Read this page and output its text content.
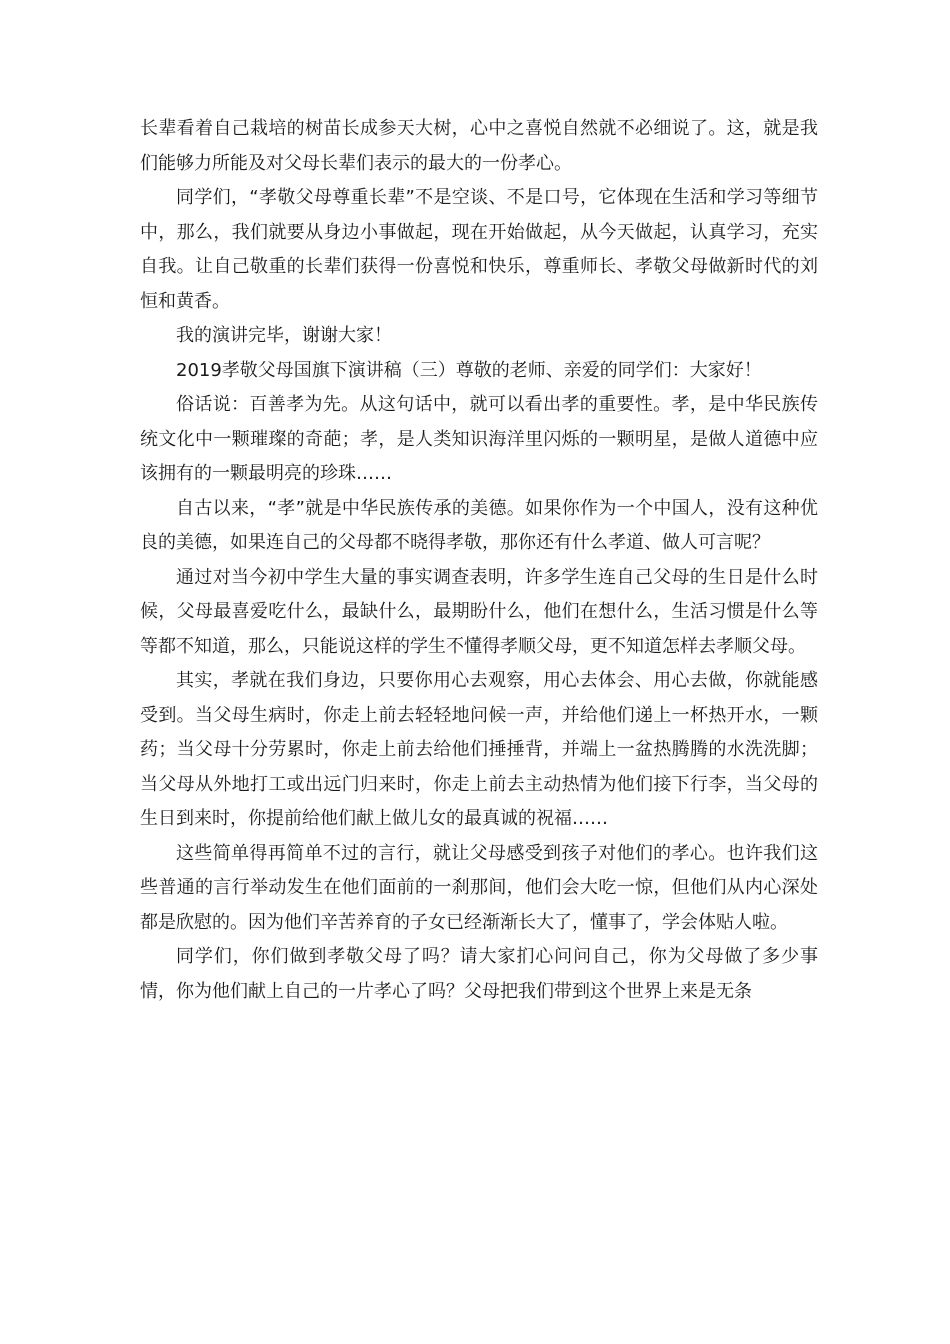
长辈看着自己栽培的树苗长成参天大树，心中之喜悦自然就不必细说了。这，就是我们能够力所能及对父母长辈们表示的最大的一份孝心。

同学们，“孝敬父母尊重长辈”不是空谈、不是口号，它体现在生活和学习等细节中，那么，我们就要从身边小事做起，现在开始做起，从今天做起，认真学习，充实自我。让自己敬重的长辈们获得一份喜悦和快乐，尊重师长、孝敬父母做新时代的刘恒和黄香。

我的演讲完毕，谢谢大家！

2019孝敬父母国旗下演讲稿（三）尊敬的老师、亲爱的同学们：大家好！

俗话说：百善孝为先。从这句话中，就可以看出孝的重要性。孝，是中华民族传统文化中一颗璀璨的奇葩；孝，是人类知识海洋里闪烁的一颗明星，是做人道德中应该拥有的一颗最明亮的珍珠……

自古以来，“孝”就是中华民族传承的美德。如果你作为一个中国人，没有这种优良的美德，如果连自己的父母都不晓得孝敬，那你还有什么孝道、做人可言呢？

通过对当今初中学生大量的事实调查表明，许多学生连自己父母的生日是什么时候，父母最喜爱吃什么，最缺什么，最期盼什么，他们在想什么，生活习惯是什么等等都不知道，那么，只能说这样的学生不懂得孝顺父母，更不知道怎样去孝顺父母。

其实，孝就在我们身边，只要你用心去观察，用心去体会、用心去做，你就能感受到。当父母生病时，你走上前去轻轻地问候一声，并给他们递上一杯热开水，一颗药；当父母十分劳累时，你走上前去给他们捶捶背，并端上一盆热腾腾的水洗洗脚；当父母从外地打工或出远门归来时，你走上前去主动热情为他们接下行李，当父母的生日到来时，你提前给他们献上做儿女的最真诚的祝福……

这些简单得再简单不过的言行，就让父母感受到孩子对他们的孝心。也许我们这些普通的言行举动发生在他们面前的一刹那间，他们会大吃一惊，但他们从内心深处都是欣慰的。因为他们辛苦养育的子女已经渐渐长大了，懂事了，学会体贴人啦。

同学们，你们做到孝敬父母了吗？请大家扪心问问自己，你为父母做了多少事情，你为他们献上自己的一片孝心了吗？父母把我们带到这个世界上来是无条
